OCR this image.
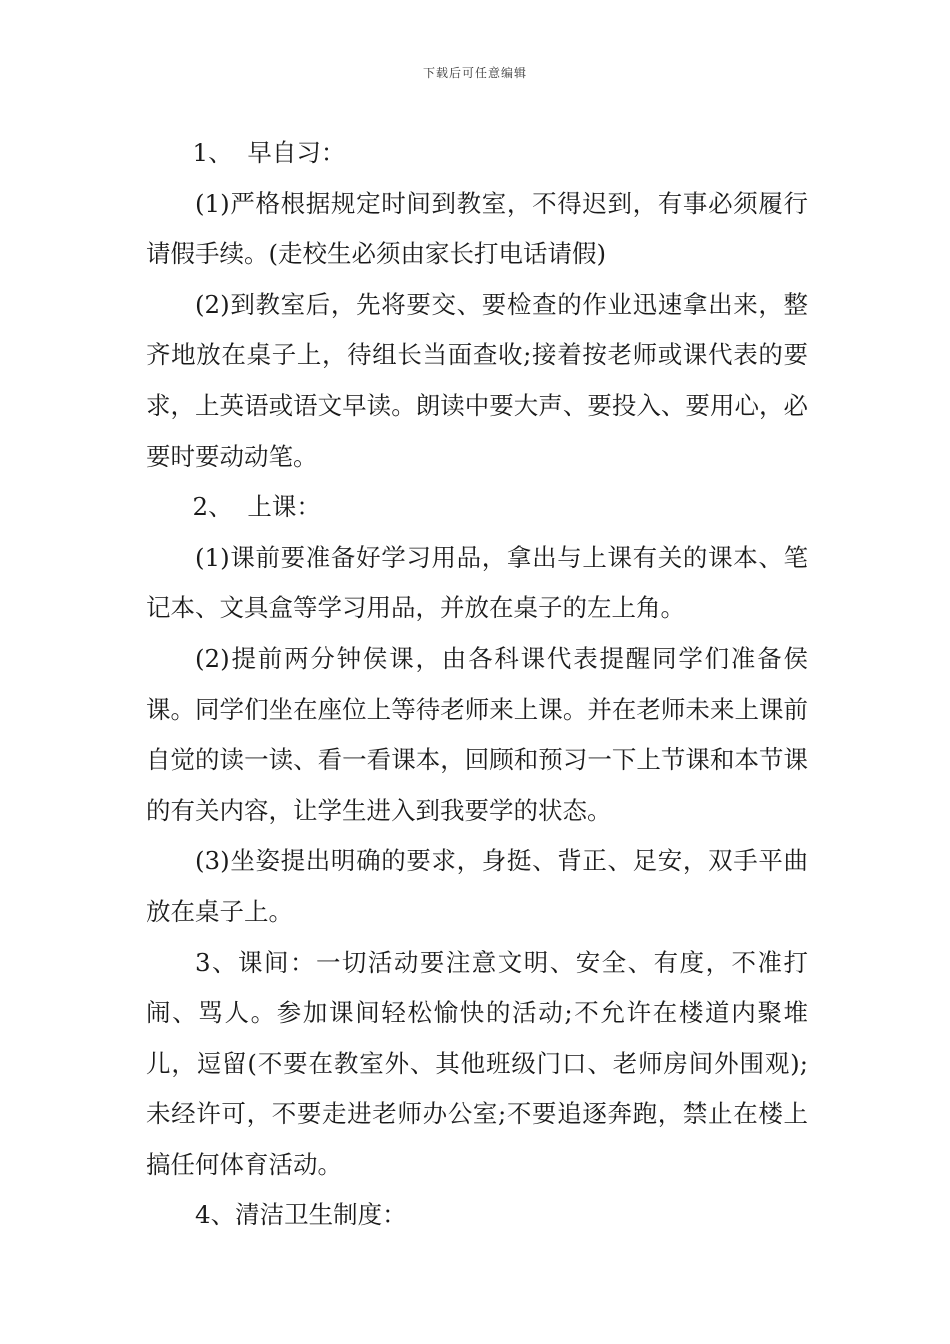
下载后可任意编辑

1、 早自习：

(1)严格根据规定时间到教室，不得迟到，有事必须履行请假手续。(走校生必须由家长打电话请假)

(2)到教室后，先将要交、要检查的作业迅速拿出来，整齐地放在桌子上，待组长当面查收;接着按老师或课代表的要求，上英语或语文早读。朗读中要大声、要投入、要用心，必要时要动动笔。

2、 上课：

(1)课前要准备好学习用品，拿出与上课有关的课本、笔记本、文具盒等学习用品，并放在桌子的左上角。

(2)提前两分钟侯课，由各科课代表提醒同学们准备侯课。同学们坐在座位上等待老师来上课。并在老师未来上课前自觉的读一读、看一看课本，回顾和预习一下上节课和本节课的有关内容，让学生进入到我要学的状态。

(3)坐姿提出明确的要求，身挺、背正、足安，双手平曲放在桌子上。

3、课间：一切活动要注意文明、安全、有度，不准打闹、骂人。参加课间轻松愉快的活动;不允许在楼道内聚堆儿，逗留(不要在教室外、其他班级门口、老师房间外围观);未经许可，不要走进老师办公室;不要追逐奔跑，禁止在楼上搞任何体育活动。

4、清洁卫生制度：
